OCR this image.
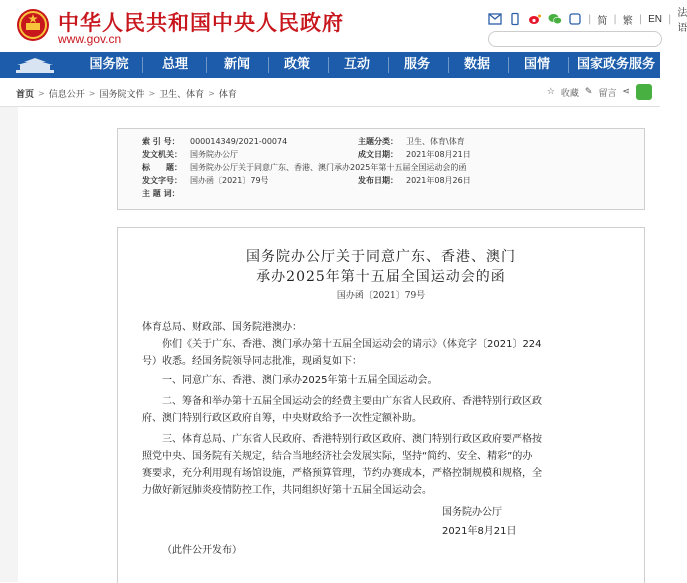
中华人民共和国中央人民政府
www.gov.cn
| 简 | 繁 | EN | 法语
国务院	总理	新闻	政策	互动	服务	数据	国情	国家政务服务
首页 > 信息公开 > 国务院文件 > 卫生、体育 > 体育	☆ 收藏 ✎ 留言 ⋖
索 引 号： 000014349/2021-00074	主题分类： 卫生、体育\体育
发文机关： 国务院办公厅	成文日期： 2021年08月21日
标　　题： 国务院办公厅关于同意广东、香港、澳门承办2025年第十五届全国运动会的函
发文字号： 国办函〔2021〕79号	发布日期： 2021年08月26日
主 题 词：
国务院办公厅关于同意广东、香港、澳门
承办2025年第十五届全国运动会的函
国办函〔2021〕79号
体育总局、财政部、国务院港澳办：
　　你们《关于广东、香港、澳门承办第十五届全国运动会的请示》（体竞字〔2021〕224
号）收悉。经国务院领导同志批准，现函复如下：
　　一、同意广东、香港、澳门承办2025年第十五届全国运动会。
　　二、筹备和举办第十五届全国运动会的经费主要由广东省人民政府、香港特别行政区政
府、澳门特别行政区政府自筹，中央财政给予一次性定额补助。
　　三、体育总局、广东省人民政府、香港特别行政区政府、澳门特别行政区政府要严格按
照党中央、国务院有关规定，结合当地经济社会发展实际，坚持“简约、安全、精彩”的办
赛要求，充分利用现有场馆设施，严格预算管理，节约办赛成本，严格控制规模和规格，全
力做好新冠肺炎疫情防控工作，共同组织好第十五届全国运动会。
国务院办公厅
2021年8月21日
（此件公开发布）
